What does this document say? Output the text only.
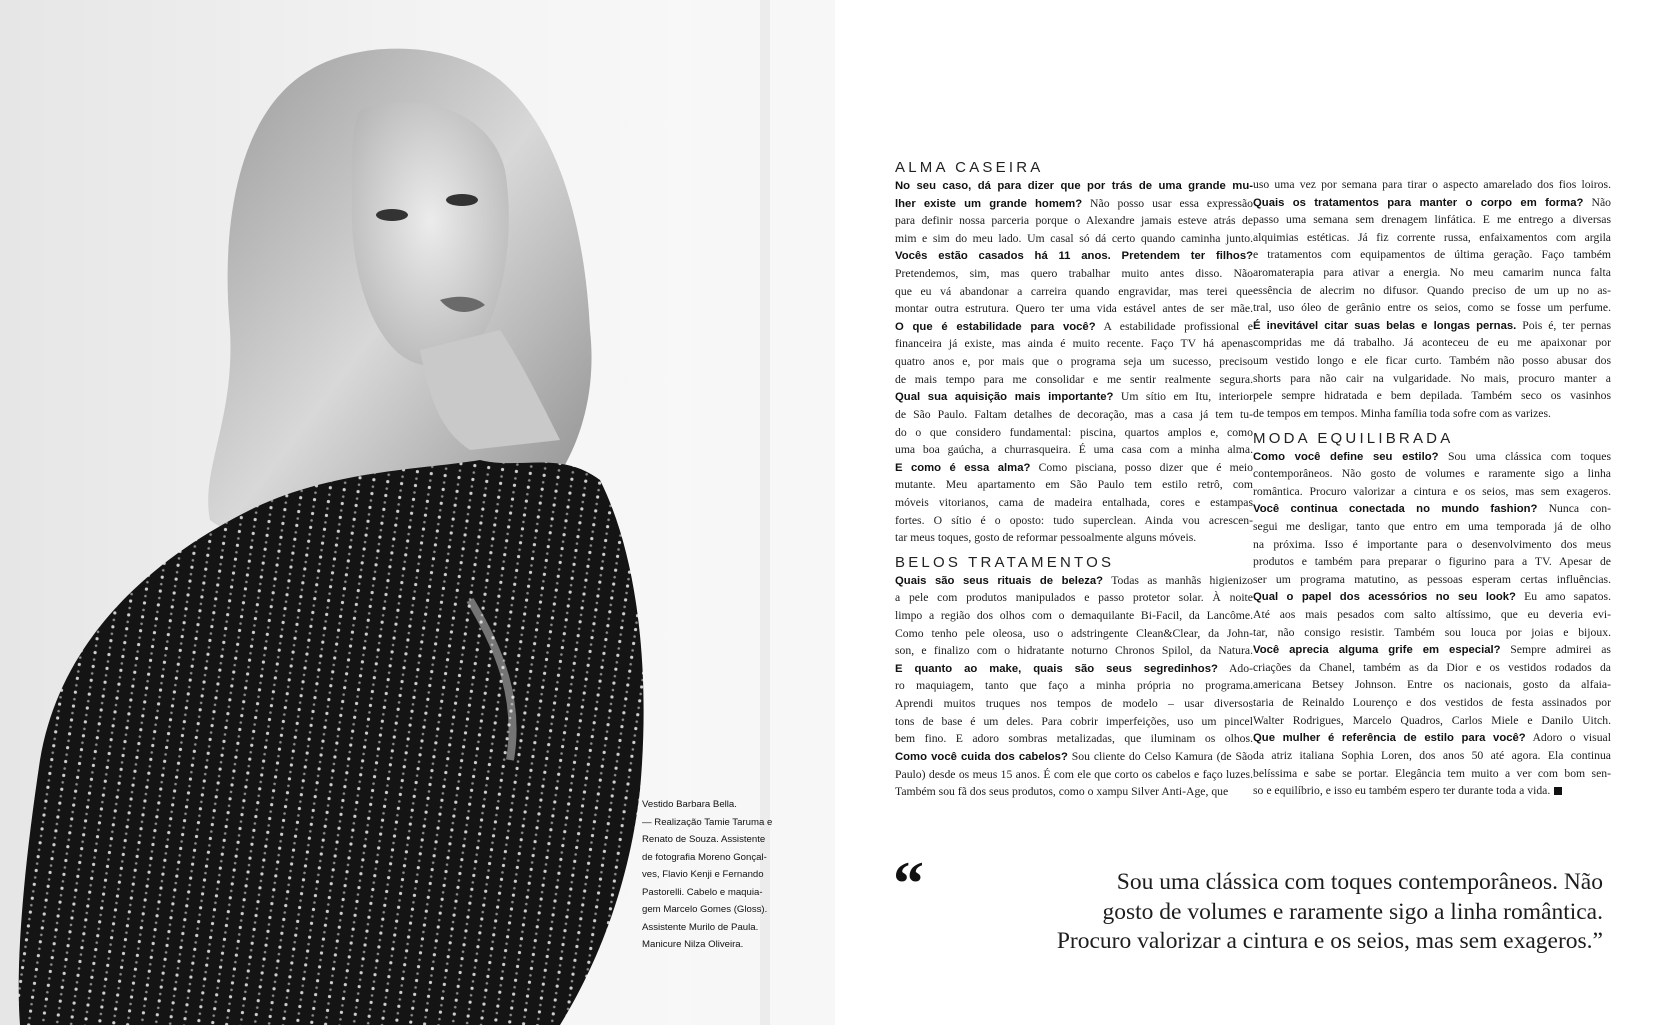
Vestido Barbara Bella.
— Realização Tamie Taruma e
Renato de Souza. Assistente
de fotografia Moreno Gonçal-
ves, Flavio Kenji e Fernando
Pastorelli. Cabelo e maquia-
gem Marcelo Gomes (Gloss).
Assistente Murilo de Paula.
Manicure Nilza Oliveira.
ALMA CASEIRA
No seu caso, dá para dizer que por trás de uma grande mu-
lher existe um grande homem? Não posso usar essa expressão
para definir nossa parceria porque o Alexandre jamais esteve atrás de
mim e sim do meu lado. Um casal só dá certo quando caminha junto.
Vocês estão casados há 11 anos. Pretendem ter filhos?
Pretendemos, sim, mas quero trabalhar muito antes disso. Não
que eu vá abandonar a carreira quando engravidar, mas terei que
montar outra estrutura. Quero ter uma vida estável antes de ser mãe.
O que é estabilidade para você? A estabilidade profissional e
financeira já existe, mas ainda é muito recente. Faço TV há apenas
quatro anos e, por mais que o programa seja um sucesso, preciso
de mais tempo para me consolidar e me sentir realmente segura.
Qual sua aquisição mais importante? Um sítio em Itu, interior
de São Paulo. Faltam detalhes de decoração, mas a casa já tem tu-
do o que considero fundamental: piscina, quartos amplos e, como
uma boa gaúcha, a churrasqueira. É uma casa com a minha alma.
E como é essa alma? Como pisciana, posso dizer que é meio
mutante. Meu apartamento em São Paulo tem estilo retrô, com
móveis vitorianos, cama de madeira entalhada, cores e estampas
fortes. O sítio é o oposto: tudo superclean. Ainda vou acrescen-
tar meus toques, gosto de reformar pessoalmente alguns móveis.
BELOS TRATAMENTOS
Quais são seus rituais de beleza? Todas as manhãs higienizo
a pele com produtos manipulados e passo protetor solar. À noite
limpo a região dos olhos com o demaquilante Bi-Facil, da Lancôme.
Como tenho pele oleosa, uso o adstringente Clean&Clear, da John-
son, e finalizo com o hidratante noturno Chronos Spilol, da Natura.
E quanto ao make, quais são seus segredinhos? Ado-
ro maquiagem, tanto que faço a minha própria no programa.
Aprendi muitos truques nos tempos de modelo – usar diversos
tons de base é um deles. Para cobrir imperfeições, uso um pincel
bem fino. E adoro sombras metalizadas, que iluminam os olhos.
Como você cuida dos cabelos? Sou cliente do Celso Kamura (de São
Paulo) desde os meus 15 anos. É com ele que corto os cabelos e faço luzes.
Também sou fã dos seus produtos, como o xampu Silver Anti-Age, que
uso uma vez por semana para tirar o aspecto amarelado dos fios loiros.
Quais os tratamentos para manter o corpo em forma? Não
passo uma semana sem drenagem linfática. E me entrego a diversas
alquimias estéticas. Já fiz corrente russa, enfaixamentos com argila
e tratamentos com equipamentos de última geração. Faço também
aromaterapia para ativar a energia. No meu camarim nunca falta
essência de alecrim no difusor. Quando preciso de um up no as-
tral, uso óleo de gerânio entre os seios, como se fosse um perfume.
É inevitável citar suas belas e longas pernas. Pois é, ter pernas
compridas me dá trabalho. Já aconteceu de eu me apaixonar por
um vestido longo e ele ficar curto. Também não posso abusar dos
shorts para não cair na vulgaridade. No mais, procuro manter a
pele sempre hidratada e bem depilada. Também seco os vasinhos
de tempos em tempos. Minha família toda sofre com as varizes.
MODA EQUILIBRADA
Como você define seu estilo? Sou uma clássica com toques
contemporâneos. Não gosto de volumes e raramente sigo a linha
romântica. Procuro valorizar a cintura e os seios, mas sem exageros.
Você continua conectada no mundo fashion? Nunca con-
segui me desligar, tanto que entro em uma temporada já de olho
na próxima. Isso é importante para o desenvolvimento dos meus
produtos e também para preparar o figurino para a TV. Apesar de
ser um programa matutino, as pessoas esperam certas influências.
Qual o papel dos acessórios no seu look? Eu amo sapatos.
Até aos mais pesados com salto altíssimo, que eu deveria evi-
tar, não consigo resistir. Também sou louca por joias e bijoux.
Você aprecia alguma grife em especial? Sempre admirei as
criações da Chanel, também as da Dior e os vestidos rodados da
americana Betsey Johnson. Entre os nacionais, gosto da alfaia-
taria de Reinaldo Lourenço e dos vestidos de festa assinados por
Walter Rodrigues, Marcelo Quadros, Carlos Miele e Danilo Uitch.
Que mulher é referência de estilo para você? Adoro o visual
da atriz italiana Sophia Loren, dos anos 50 até agora. Ela continua
belíssima e sabe se portar. Elegância tem muito a ver com bom sen-
so e equilíbrio, e isso eu também espero ter durante toda a vida.
“	Sou uma clássica com toques contemporâneos. Não
gosto de volumes e raramente sigo a linha romântica.
Procuro valorizar a cintura e os seios, mas sem exageros.”
